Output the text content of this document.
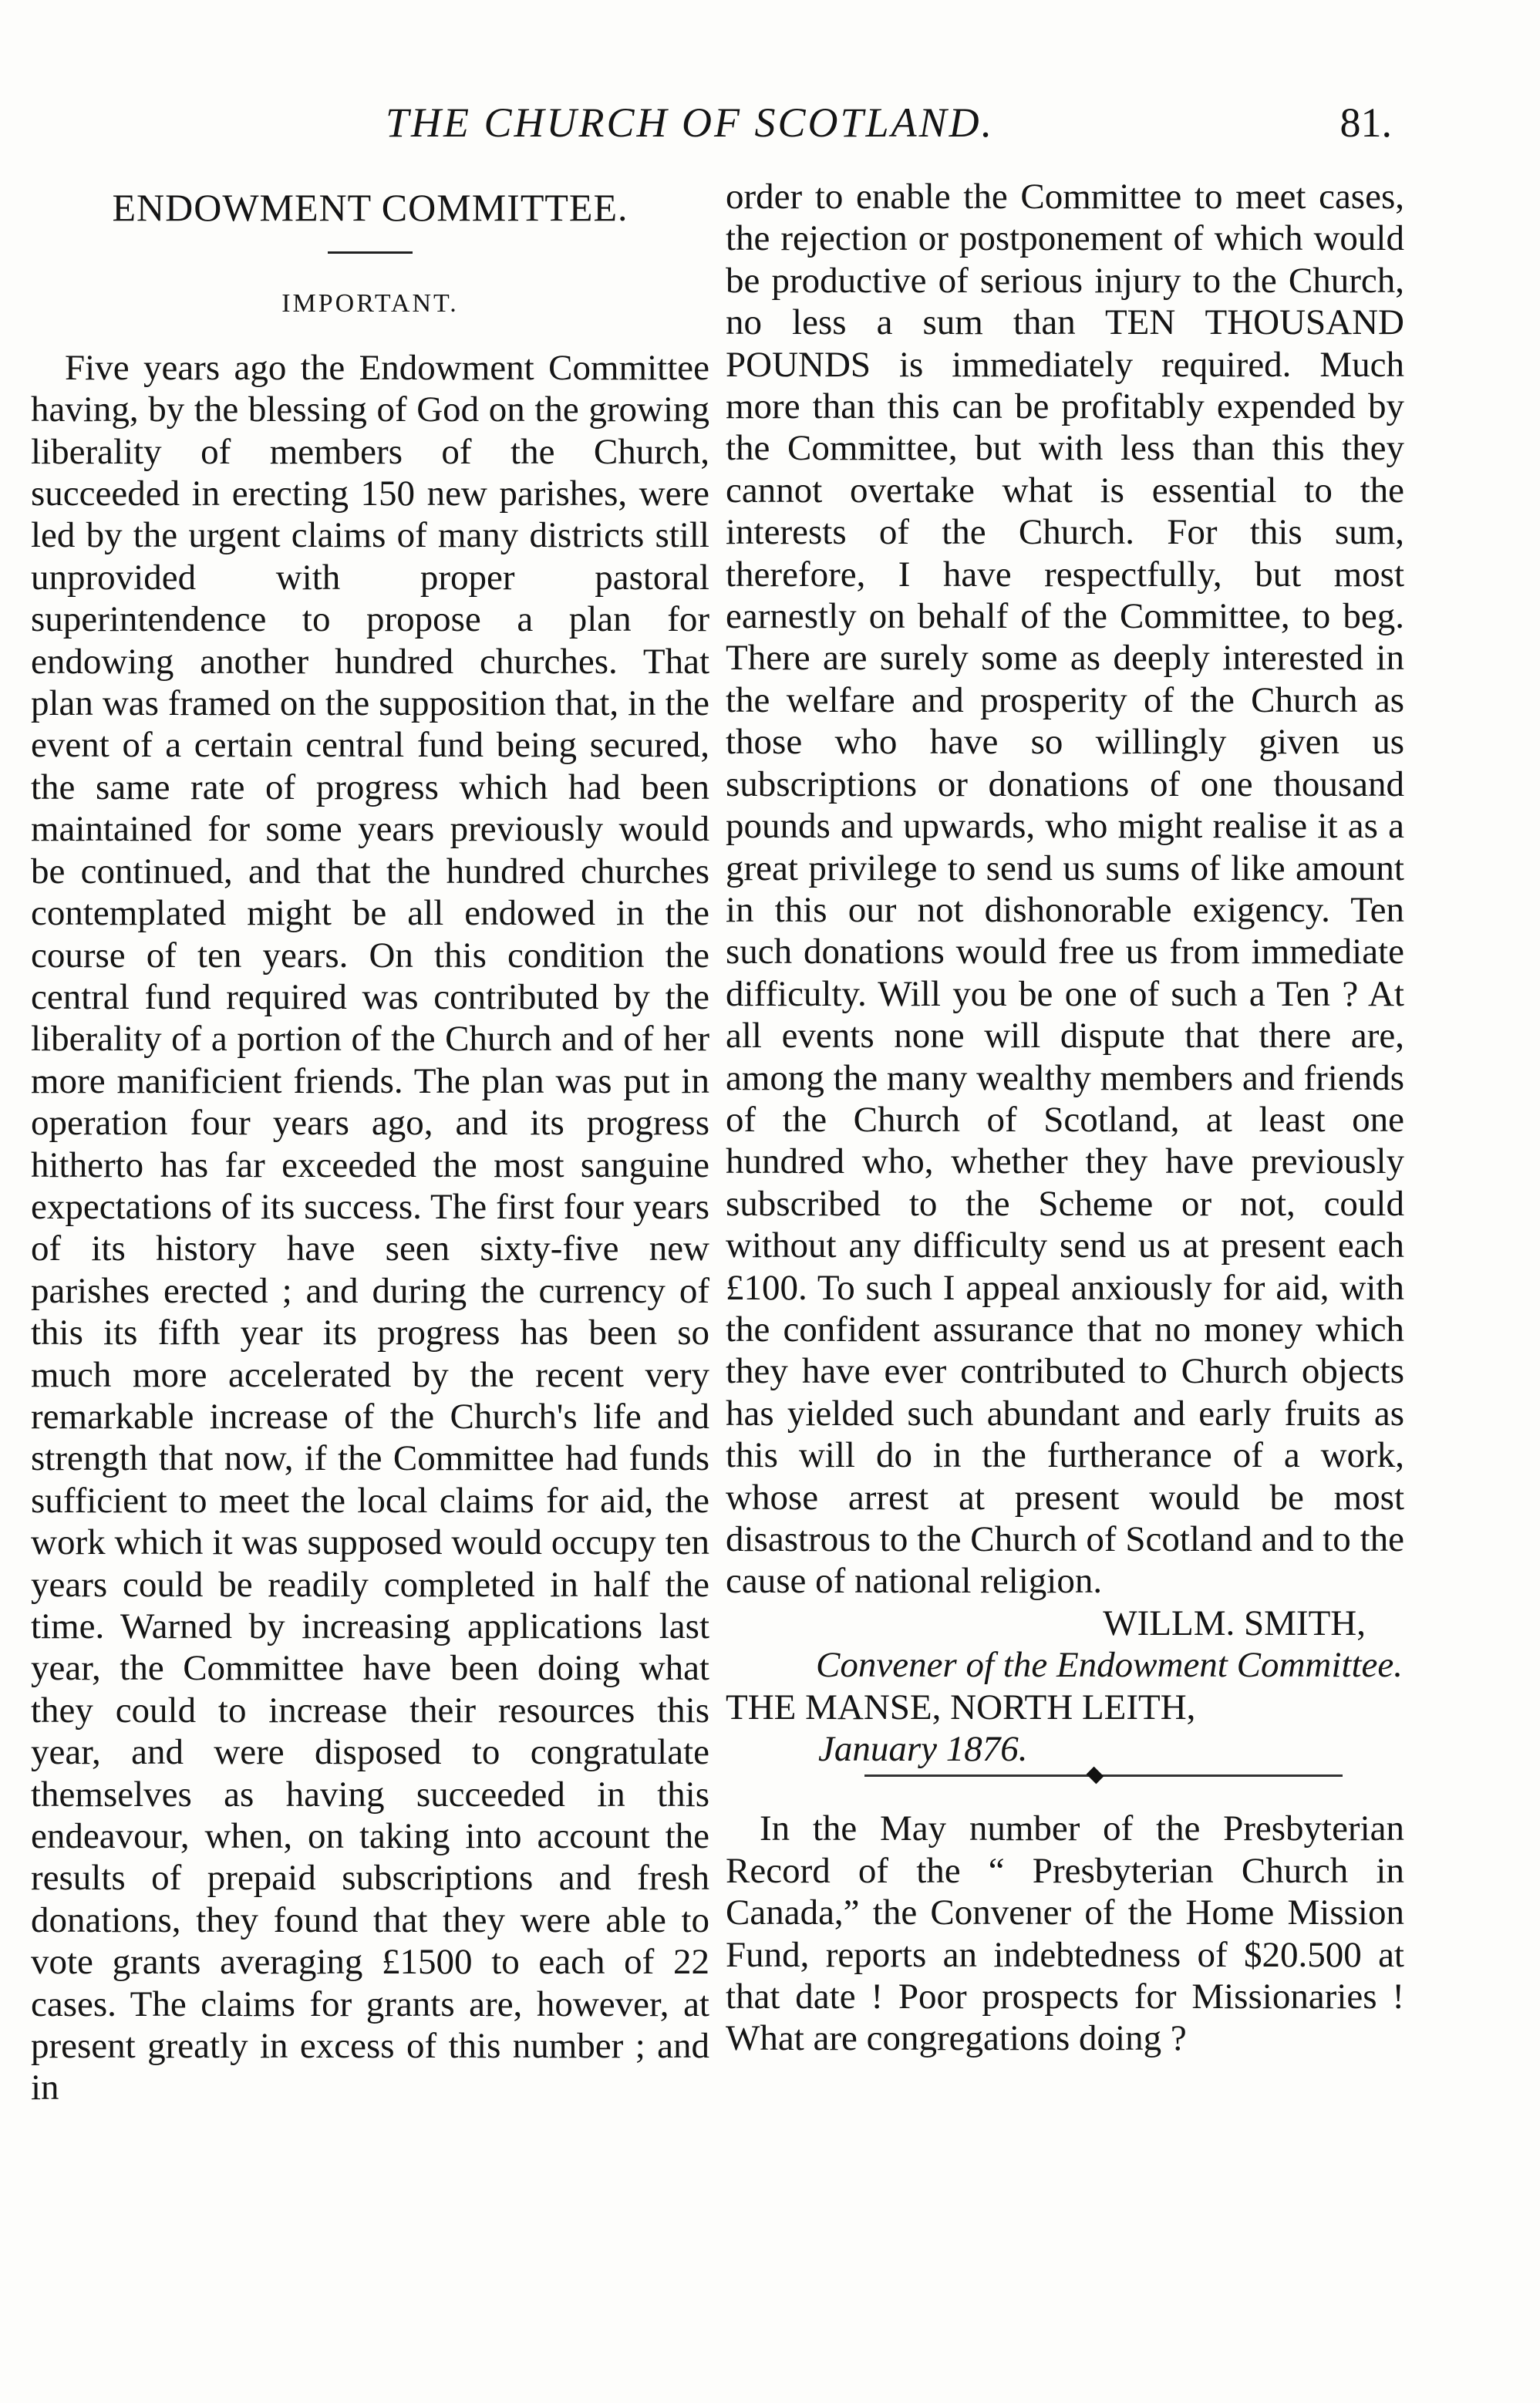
THE CHURCH OF SCOTLAND.	81.
ENDOWMENT COMMITTEE.
IMPORTANT.

Five years ago the Endowment Committee having, by the blessing of God on the growing liberality of members of the Church, succeeded in erecting 150 new parishes, were led by the urgent claims of many districts still unprovided with proper pastoral superintendence to propose a plan for endowing another hundred churches. That plan was framed on the supposition that, in the event of a certain central fund being secured, the same rate of progress which had been maintained for some years previously would be continued, and that the hundred churches contemplated might be all endowed in the course of ten years. On this condition the central fund required was contributed by the liberality of a portion of the Church and of her more manificient friends. The plan was put in operation four years ago, and its progress hitherto has far exceeded the most sanguine expectations of its success. The first four years of its history have seen sixty-five new parishes erected ; and during the currency of this its fifth year its progress has been so much more accelerated by the recent very remarkable increase of the Church's life and strength that now, if the Committee had funds sufficient to meet the local claims for aid, the work which it was supposed would occupy ten years could be readily completed in half the time. Warned by increasing applications last year, the Committee have been doing what they could to increase their resources this year, and were disposed to congratulate themselves as having succeeded in this endeavour, when, on taking into account the results of prepaid subscriptions and fresh donations, they found that they were able to vote grants averaging £1500 to each of 22 cases. The claims for grants are, however, at present greatly in excess of this number ; and in

order to enable the Committee to meet cases, the rejection or postponement of which would be productive of serious injury to the Church, no less a sum than TEN THOUSAND POUNDS is immediately required. Much more than this can be profitably expended by the Committee, but with less than this they cannot overtake what is essential to the interests of the Church. For this sum, therefore, I have respectfully, but most earnestly on behalf of the Committee, to beg. There are surely some as deeply interested in the welfare and prosperity of the Church as those who have so willingly given us subscriptions or donations of one thousand pounds and upwards, who might realise it as a great privilege to send us sums of like amount in this our not dishonorable exigency. Ten such donations would free us from immediate difficulty. Will you be one of such a Ten ? At all events none will dispute that there are, among the many wealthy members and friends of the Church of Scotland, at least one hundred who, whether they have previously subscribed to the Scheme or not, could without any difficulty send us at present each £100. To such I appeal anxiously for aid, with the confident assurance that no money which they have ever contributed to Church objects has yielded such abundant and early fruits as this will do in the furtherance of a work, whose arrest at present would be most disastrous to the Church of Scotland and to the cause of national religion.

WILLM. SMITH,
Convener of the Endowment Committee.
THE MANSE, NORTH LEITH,
January 1876.

In the May number of the Presbyterian Record of the “ Presbyterian Church in Canada,” the Convener of the Home Mission Fund, reports an indebtedness of $20.500 at that date ! Poor prospects for Missionaries ! What are congregations doing ?
